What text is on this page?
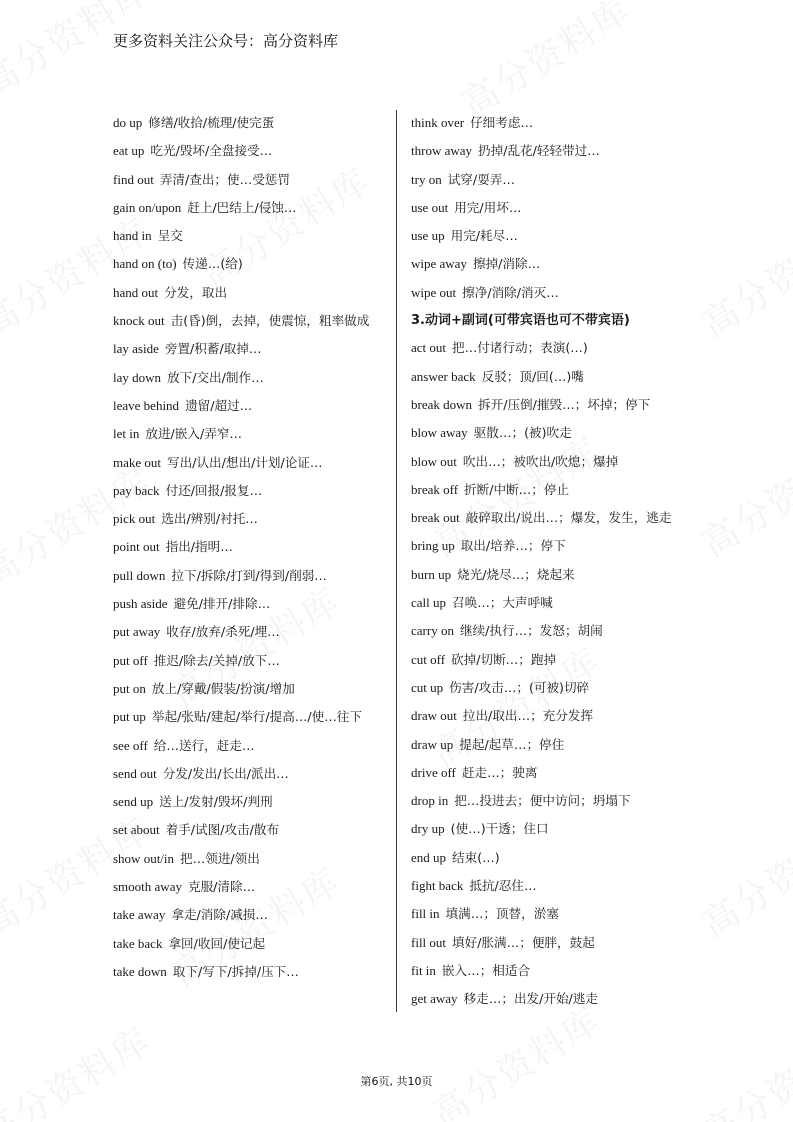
更多资料关注公众号：高分资料库
do up 修缮/收拾/梳理/使完蛋
eat up 吃光/毁坏/全盘接受…
find out 弄清/查出；使…受惩罚
gain on/upon 赶上/巴结上/侵蚀…
hand in 呈交
hand on (to) 传递…(给)
hand out 分发，取出
knock out 击(昏)倒，去掉，使震惊，粗率做成
lay aside 旁置/积蓄/取掉…
lay down 放下/交出/制作…
leave behind 遗留/超过…
let in 放进/嵌入/弄窄…
make out 写出/认出/想出/计划/论证…
pay back 付还/回报/报复…
pick out 选出/辨别/衬托…
point out 指出/指明…
pull down 拉下/拆除/打到/得到/削弱…
push aside 避免/排开/排除…
put away 收存/放弃/杀死/埋…
put off 推迟/除去/关掉/放下…
put on 放上/穿戴/假装/扮演/增加
put up 举起/张贴/建起/举行/提高…/使…往下
see off 给…送行，赶走…
send out 分发/发出/长出/派出…
send up 送上/发射/毁坏/判刑
set about 着手/试图/攻击/散布
show out/in 把…领进/领出
smooth away 克服/清除…
take away 拿走/消除/减损…
take back 拿回/收回/使记起
take down 取下/写下/拆掉/压下…
think over 仔细考虑…
throw away 扔掉/乱花/轻轻带过…
try on 试穿/耍弄…
use out 用完/用坏…
use up 用完/耗尽…
wipe away 擦掉/消除…
wipe out 擦净/消除/消灭…
3.动词+副词(可带宾语也可不带宾语)
act out 把…付诸行动；表演(…)
answer back 反驳；顶/回(…)嘴
break down 拆开/压倒/摧毁…；坏掉；停下
blow away 驱散…；(被)吹走
blow out 吹出…；被吹出/吹熄；爆掉
break off 折断/中断…；停止
break out 敲碎取出/说出…；爆发，发生，逃走
bring up 取出/培养…；停下
burn up 烧光/烧尽…；烧起来
call up 召唤…；大声呼喊
carry on 继续/执行…；发怒；胡闹
cut off 砍掉/切断…；跑掉
cut up 伤害/攻击…；(可被)切碎
draw out 拉出/取出…；充分发挥
draw up 提起/起草…；停住
drive off 赶走…；驶离
drop in 把…投进去；便中访问；坍塌下
dry up (使…)干透；住口
end up 结束(…)
fight back 抵抗/忍住…
fill in 填满…；顶替，淤塞
fill out 填好/胀满…；便胖，鼓起
fit in 嵌入…；相适合
get away 移走…；出发/开始/逃走
第6页, 共10页
